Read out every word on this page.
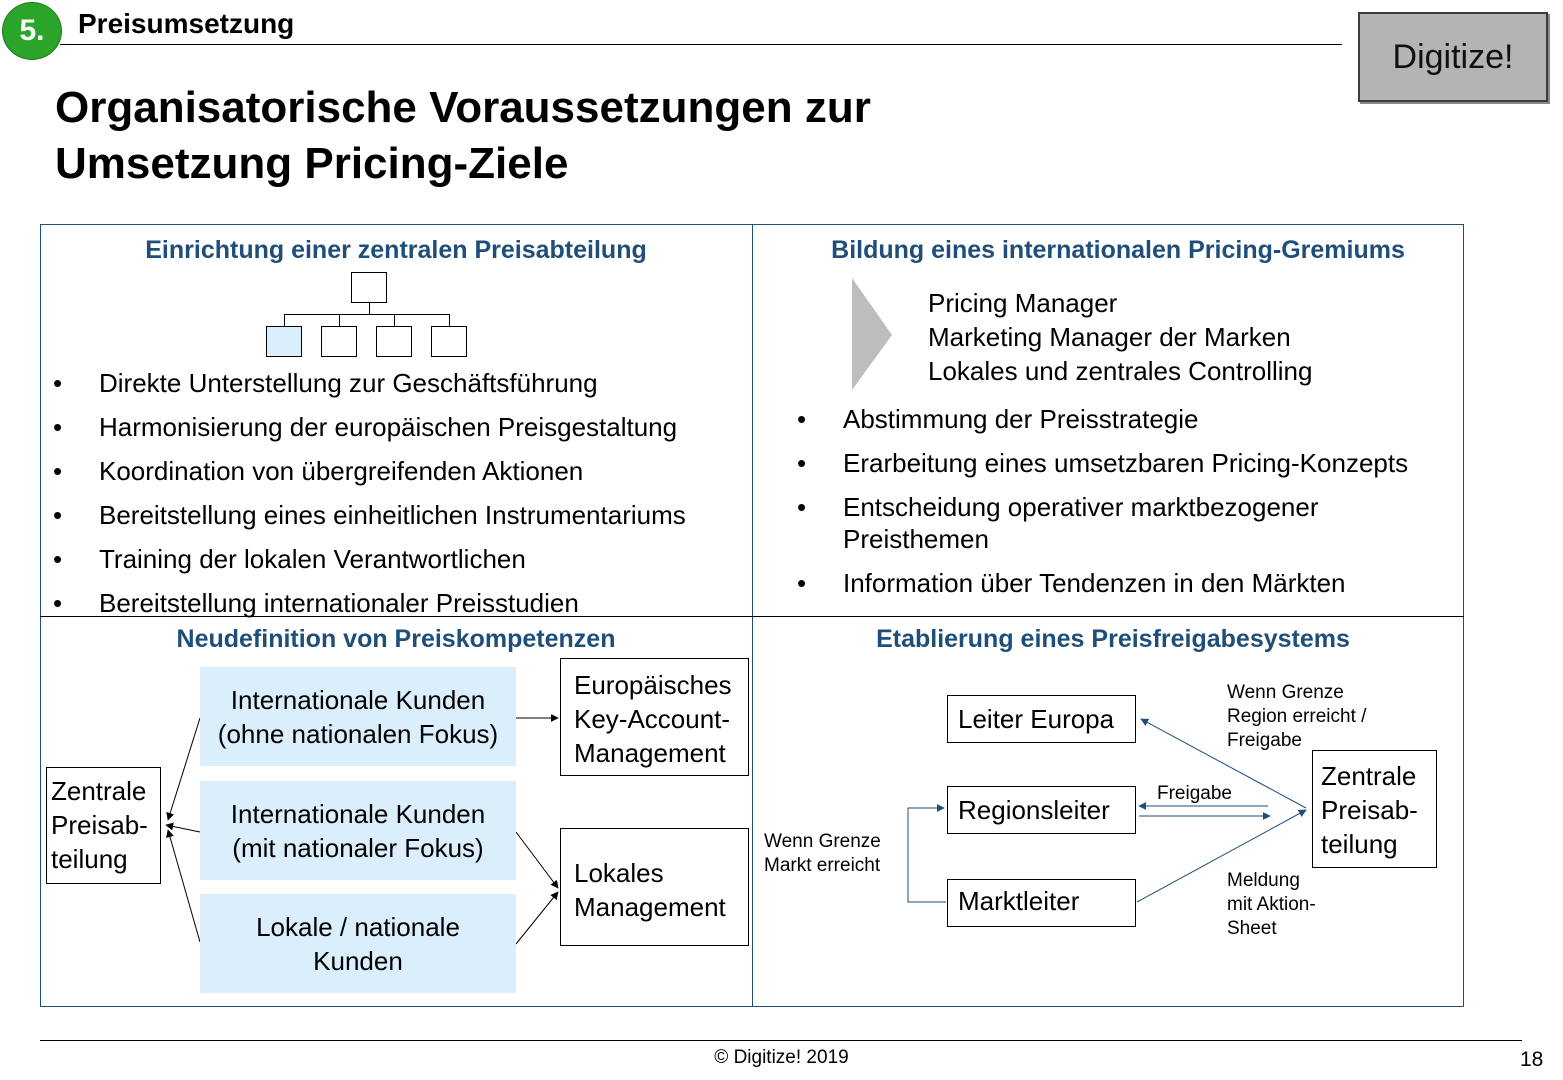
5.	Preisumsetzung
Digitize!
Organisatorische Voraussetzungen zur
Umsetzung Pricing-Ziele
Einrichtung einer zentralen Preisabteilung
• Direkte Unterstellung zur Geschäftsführung
• Harmonisierung der europäischen Preisgestaltung
• Koordination von übergreifenden Aktionen
• Bereitstellung eines einheitlichen Instrumentariums
• Training der lokalen Verantwortlichen
• Bereitstellung internationaler Preisstudien
Bildung eines internationalen Pricing-Gremiums
Pricing Manager
Marketing Manager der Marken
Lokales und zentrales Controlling
• Abstimmung der Preisstrategie
• Erarbeitung eines umsetzbaren Pricing-Konzepts
• Entscheidung operativer marktbezogener Preisthemen
• Information über Tendenzen in den Märkten
Neudefinition von Preiskompetenzen
Zentrale
Preisab-
teilung
Internationale Kunden
(ohne nationalen Fokus)
Internationale Kunden
(mit nationaler Fokus)
Lokale / nationale
Kunden
Europäisches
Key-Account-
Management
Lokales
Management
Etablierung eines Preisfreigabesystems
Leiter Europa
Regionsleiter
Marktleiter
Zentrale
Preisab-
teilung
Wenn Grenze
Region erreicht /
Freigabe
Freigabe
Wenn Grenze
Markt erreicht
Meldung
mit Aktion-
Sheet
© Digitize! 2019	18
